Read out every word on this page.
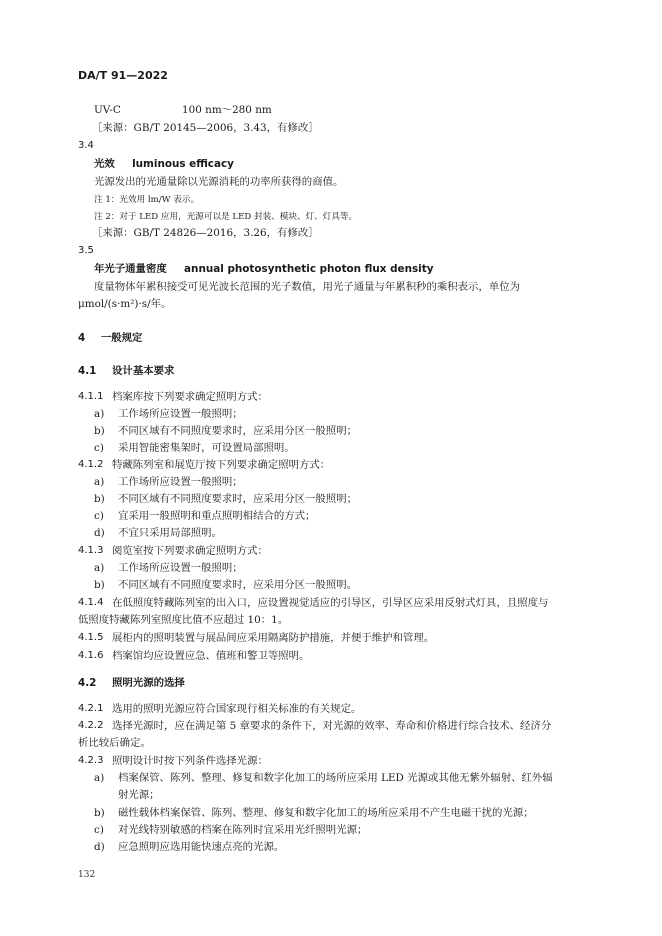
DA/T 91—2022
UV-C	100 nm～280 nm
［来源：GB/T 20145—2006，3.43，有修改］
3.4
光效 luminous efficacy
光源发出的光通量除以光源消耗的功率所获得的商值。
注 1：光效用 lm/W 表示。
注 2：对于 LED 应用，光源可以是 LED 封装、模块、灯、灯具等。
［来源：GB/T 24826—2016，3.26，有修改］
3.5
年光子通量密度 annual photosynthetic photon flux density
度量物体年累积接受可见光波长范围的光子数值，用光子通量与年累积秒的乘积表示，单位为
μmol/(s·m²)·s/年。
4 一般规定
4.1 设计基本要求
4.1.1 档案库按下列要求确定照明方式：
a) 工作场所应设置一般照明；
b) 不同区域有不同照度要求时，应采用分区一般照明；
c) 采用智能密集架时，可设置局部照明。
4.1.2 特藏陈列室和展览厅按下列要求确定照明方式：
a) 工作场所应设置一般照明；
b) 不同区域有不同照度要求时，应采用分区一般照明；
c) 宜采用一般照明和重点照明相结合的方式；
d) 不宜只采用局部照明。
4.1.3 阅览室按下列要求确定照明方式：
a) 工作场所应设置一般照明；
b) 不同区域有不同照度要求时，应采用分区一般照明。
4.1.4 在低照度特藏陈列室的出入口，应设置视觉适应的引导区，引导区应采用反射式灯具，且照度与
低照度特藏陈列室照度比值不应超过 10：1。
4.1.5 展柜内的照明装置与展品间应采用隔离防护措施，并便于维护和管理。
4.1.6 档案馆均应设置应急、值班和警卫等照明。
4.2 照明光源的选择
4.2.1 选用的照明光源应符合国家现行相关标准的有关规定。
4.2.2 选择光源时，应在满足第 5 章要求的条件下，对光源的效率、寿命和价格进行综合技术、经济分
析比较后确定。
4.2.3 照明设计时按下列条件选择光源：
a) 档案保管、陈列、整理、修复和数字化加工的场所应采用 LED 光源或其他无紫外辐射、红外辐
射光源；
b) 磁性载体档案保管、陈列、整理、修复和数字化加工的场所应采用不产生电磁干扰的光源；
c) 对光线特别敏感的档案在陈列时宜采用光纤照明光源；
d) 应急照明应选用能快速点亮的光源。
132
